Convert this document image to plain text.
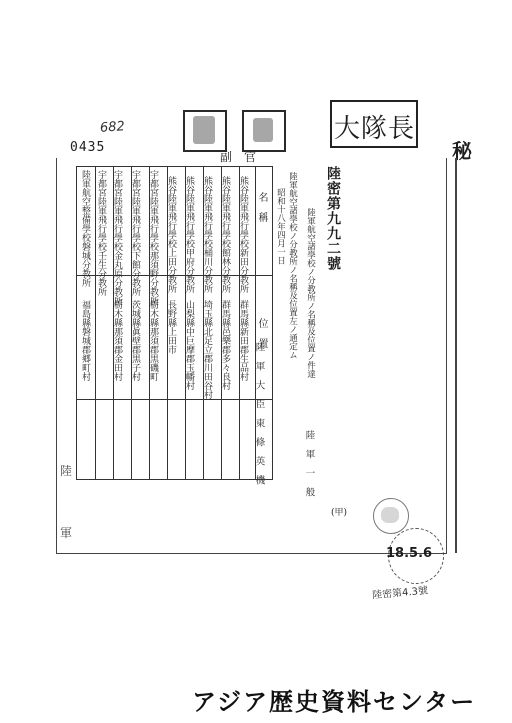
682
副　官
大 隊 長
0435	秘
陸密第九九二號
(甲)
陸軍航空諸學校ノ分教所ノ名稱及位置ノ件達
陸　軍　一　般
陸軍航空諸學校ノ分教所ノ名稱及位置左ノ通定ム
昭和十八年四月一日
陸　軍　大　臣　東　條　英　機
名　稱
位　置
熊谷陸軍飛行學校新田分教所
群馬縣新田郡生品村
熊谷陸軍飛行學校館林分教所
群馬縣邑樂郡多々良村
熊谷陸軍飛行學校桶川分教所
埼玉縣北足立郡川田谷村
熊谷陸軍飛行學校甲府分教所
山梨縣中巨摩郡玉幡村
熊谷陸軍飛行學校上田分教所
長野縣上田市
宇都宮陸軍飛行學校那須野分教所
栃木縣那須郡黒磯町
宇都宮陸軍飛行學校下館分教所
茨城縣眞壁郡黒子村
宇都宮陸軍飛行學校金丸原分教所
栃木縣那須郡金田村
宇都宮陸軍飛行學校壬生分教所
陸軍航空整備學校磐城分教所
福島縣磐城郡郷町村
陸
軍
18.5.6
陸密第4.3號
アジア歴史資料センター
